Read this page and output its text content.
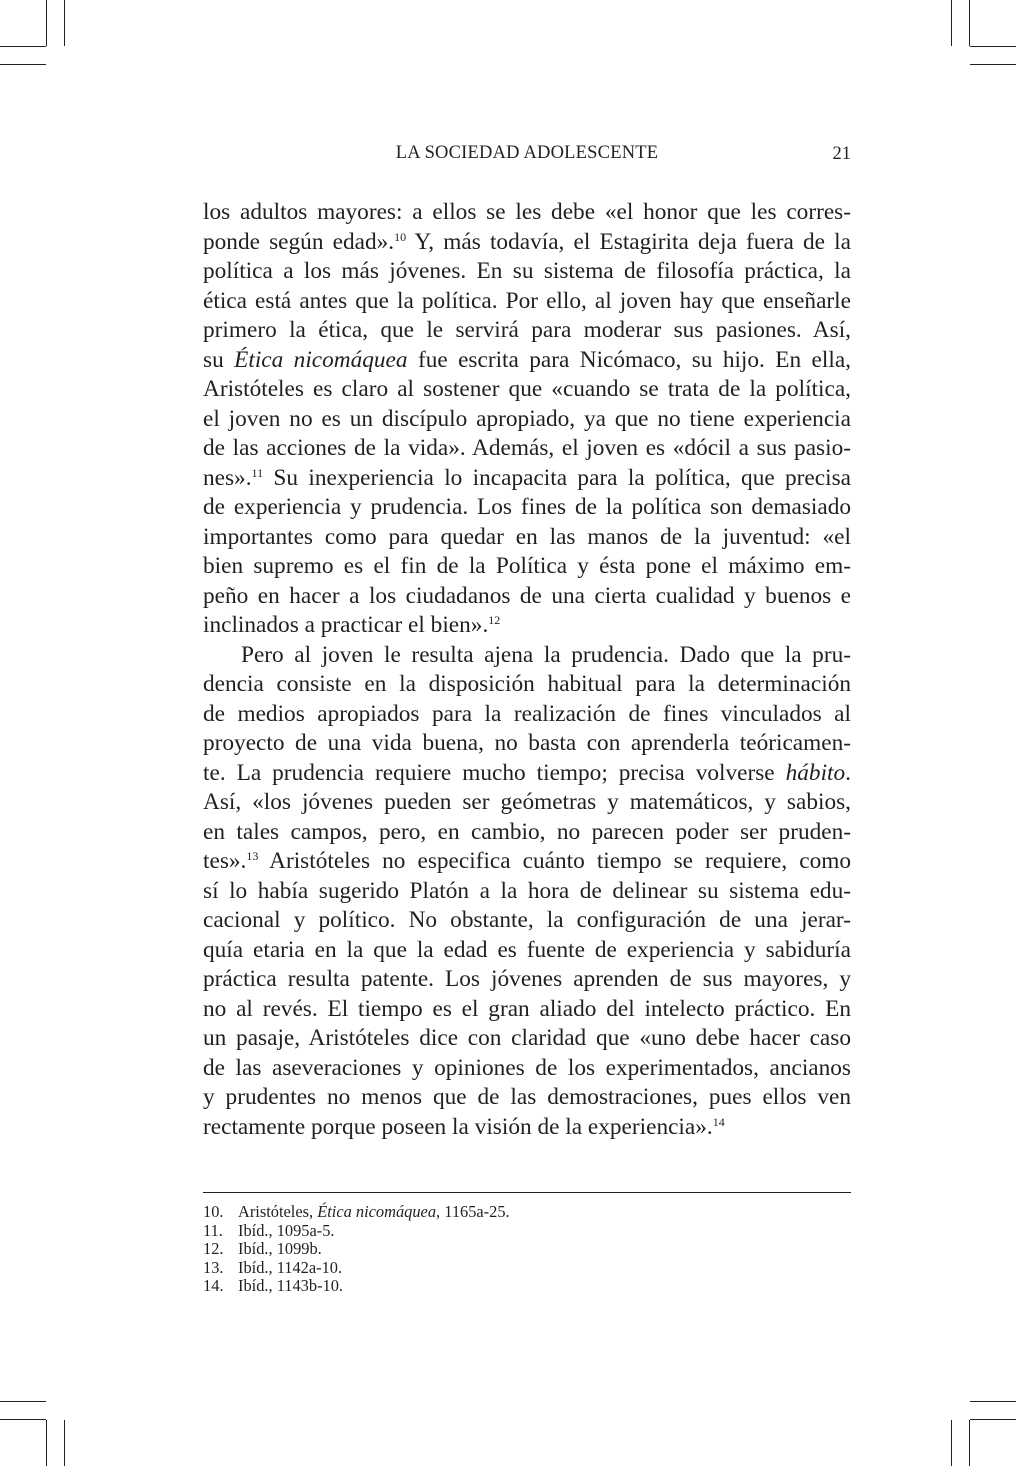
LA SOCIEDAD ADOLESCENTE	21
los adultos mayores: a ellos se les debe «el honor que les corres-
ponde según edad».$^{10}$ Y, más todavía, el Estagirita deja fuera de la
política a los más jóvenes. En su sistema de filosofía práctica, la
ética está antes que la política. Por ello, al joven hay que enseñarle
primero la ética, que le servirá para moderar sus pasiones. Así,
su Ética nicomáquea fue escrita para Nicómaco, su hijo. En ella,
Aristóteles es claro al sostener que «cuando se trata de la política,
el joven no es un discípulo apropiado, ya que no tiene experiencia
de las acciones de la vida». Además, el joven es «dócil a sus pasio-
nes».$^{11}$ Su inexperiencia lo incapacita para la política, que precisa
de experiencia y prudencia. Los fines de la política son demasiado
importantes como para quedar en las manos de la juventud: «el
bien supremo es el fin de la Política y ésta pone el máximo em-
peño en hacer a los ciudadanos de una cierta cualidad y buenos e
inclinados a practicar el bien».$^{12}$
Pero al joven le resulta ajena la prudencia. Dado que la pru-
dencia consiste en la disposición habitual para la determinación
de medios apropiados para la realización de fines vinculados al
proyecto de una vida buena, no basta con aprenderla teóricamen-
te. La prudencia requiere mucho tiempo; precisa volverse hábito.
Así, «los jóvenes pueden ser geómetras y matemáticos, y sabios,
en tales campos, pero, en cambio, no parecen poder ser pruden-
tes».$^{13}$ Aristóteles no especifica cuánto tiempo se requiere, como
sí lo había sugerido Platón a la hora de delinear su sistema edu-
cacional y político. No obstante, la configuración de una jerar-
quía etaria en la que la edad es fuente de experiencia y sabiduría
práctica resulta patente. Los jóvenes aprenden de sus mayores, y
no al revés. El tiempo es el gran aliado del intelecto práctico. En
un pasaje, Aristóteles dice con claridad que «uno debe hacer caso
de las aseveraciones y opiniones de los experimentados, ancianos
y prudentes no menos que de las demostraciones, pues ellos ven
rectamente porque poseen la visión de la experiencia».$^{14}$
10. Aristóteles, Ética nicomáquea, 1165a-25.
11. Ibíd., 1095a-5.
12. Ibíd., 1099b.
13. Ibíd., 1142a-10.
14. Ibíd., 1143b-10.
